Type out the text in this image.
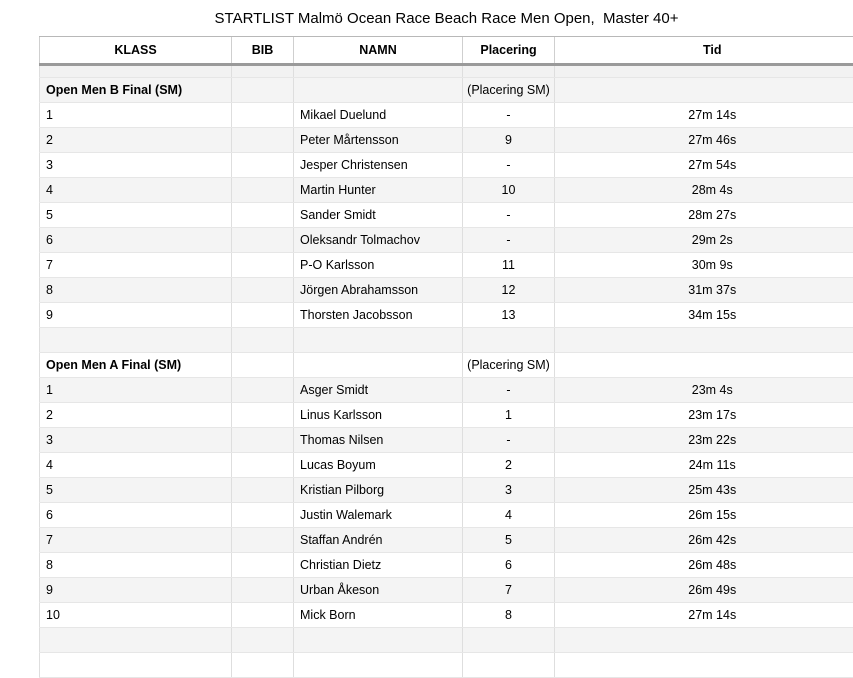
STARTLIST Malmö Ocean Race Beach Race Men Open,  Master 40+
KLASS	BIB	NAMN	Placering	Tid

Open Men B Final (SM)			(Placering SM)	
1		Mikael Duelund	-	27m 14s
2		Peter Mårtensson	9	27m 46s
3		Jesper Christensen	-	27m 54s
4		Martin Hunter	10	28m 4s
5		Sander Smidt	-	28m 27s
6		Oleksandr Tolmachov	-	29m 2s
7		P-O Karlsson	11	30m 9s
8		Jörgen Abrahamsson	12	31m 37s
9		Thorsten Jacobsson	13	34m 15s

Open Men A Final (SM)			(Placering SM)	
1		Asger Smidt	-	23m 4s
2		Linus Karlsson	1	23m 17s
3		Thomas Nilsen	-	23m 22s
4		Lucas Boyum	2	24m 11s
5		Kristian Pilborg	3	25m 43s
6		Justin Walemark	4	26m 15s
7		Staffan Andrén	5	26m 42s
8		Christian Dietz	6	26m 48s
9		Urban Åkeson	7	26m 49s
10		Mick Born	8	27m 14s
